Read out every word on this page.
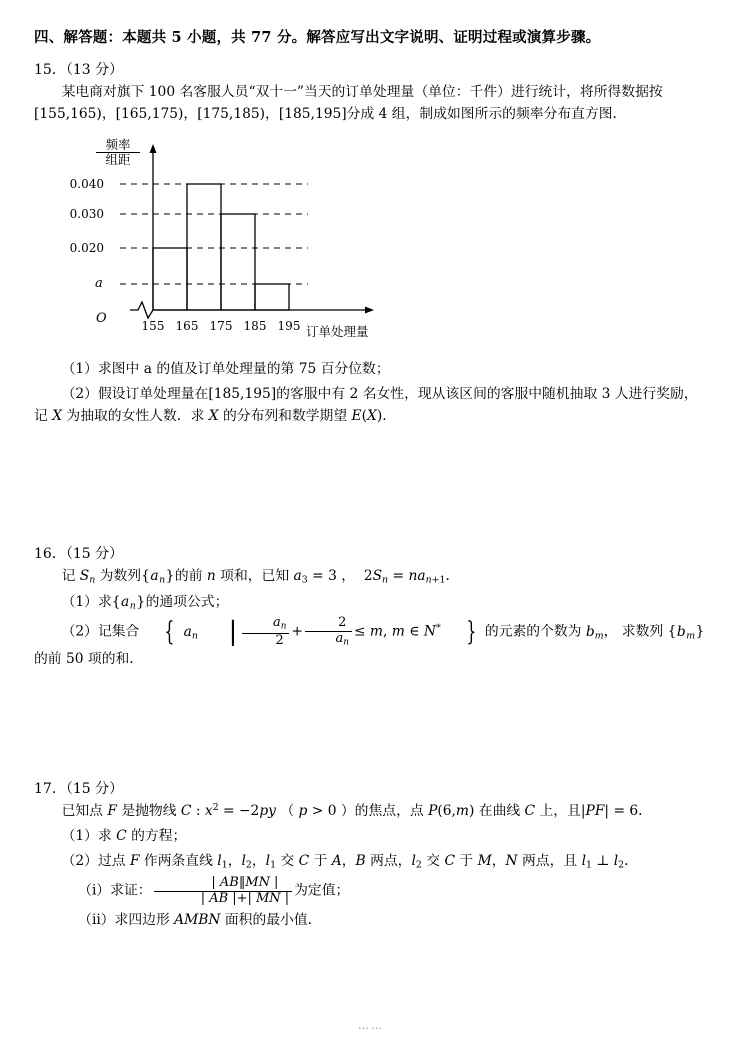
四、解答题：本题共 5 小题，共 77 分。解答应写出文字说明、证明过程或演算步骤。
15．（13 分）
某电商对旗下 100 名客服人员“双十一”当天的订单处理量（单位：千件）进行统计，将所得数据按[155,165)，[165,175)，[175,185)，[185,195]分成 4 组，制成如图所示的频率分布直方图．
频率
组距
0.040
0.030
0.020
a
O	155 165 175 185 195 订单处理量
（1）求图中 a 的值及订单处理量的第 75 百分位数；
（2）假设订单处理量在[185,195]的客服中有 2 名女性，现从该区间的客服中随机抽取 3 人进行奖励，记 X 为抽取的女性人数．求 X 的分布列和数学期望 E(X).
16．（15 分）
记 $S_n$ 为数列$\{a_n\}$的前 n 项和，已知 $a_3 = 3$ ，  $2S_n = na_{n+1}$.
（1）求$\{a_n\}$的通项公式；
（2）记集合 { $a_n$ | $\frac{a_n}{2} + \frac{2}{a_n} \le m$, m ∈ N* } 的元素的个数为 $b_m$， 求数列 $\{b_m\}$ 的前 50 项的和．
17．（15 分）
已知点 F 是抛物线 C : $x^2 = -2py$ （ p > 0 ）的焦点，点 P(6,m) 在曲线 C 上，且|PF| = 6．
（1）求 C 的方程；
（2）过点 F 作两条直线 $l_1$，$l_2$，$l_1$ 交 C 于 A，B 两点，$l_2$ 交 C 于 M，N 两点，且 $l_1$ ⊥ $l_2$．
（i）求证： $\frac{| AB‖MN |}{| AB |+| MN |}$ 为定值；
（ii）求四边形 AMBN 面积的最小值．
……
